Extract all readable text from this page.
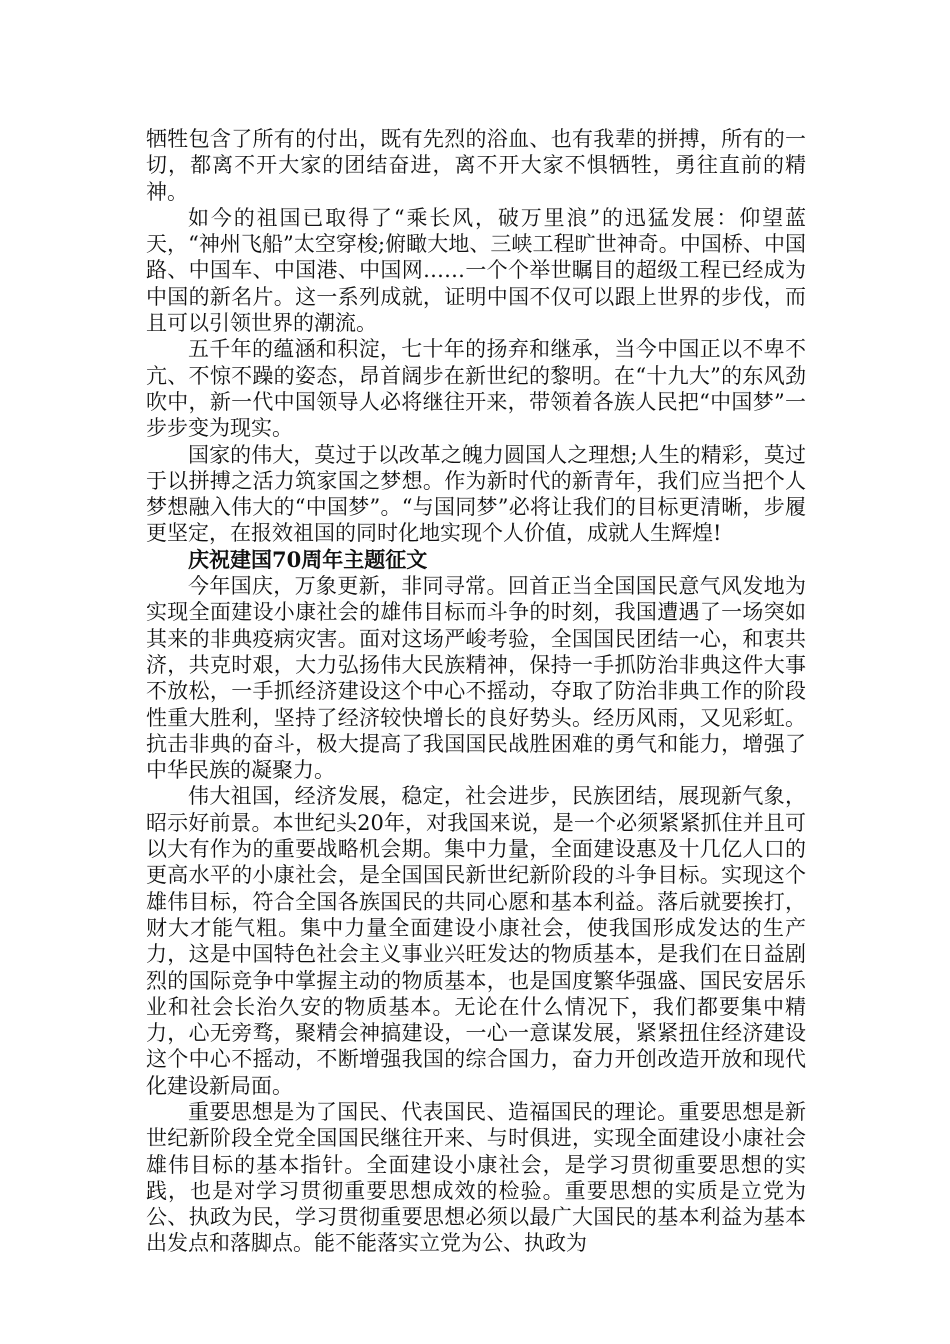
牺牲包含了所有的付出，既有先烈的浴血、也有我辈的拼搏，所有的一切，都离不开大家的团结奋进，离不开大家不惧牺牲，勇往直前的精神。

如今的祖国已取得了“乘长风，破万里浪”的迅猛发展：仰望蓝天，“神州飞船”太空穿梭;俯瞰大地、三峡工程旷世神奇。中国桥、中国路、中国车、中国港、中国网……一个个举世瞩目的超级工程已经成为中国的新名片。这一系列成就，证明中国不仅可以跟上世界的步伐，而且可以引领世界的潮流。

五千年的蕴涵和积淀，七十年的扬弃和继承，当今中国正以不卑不亢、不惊不躁的姿态，昂首阔步在新世纪的黎明。在“十九大”的东风劲吹中，新一代中国领导人必将继往开来，带领着各族人民把“中国梦”一步步变为现实。

国家的伟大，莫过于以改革之魄力圆国人之理想;人生的精彩，莫过于以拼搏之活力筑家国之梦想。作为新时代的新青年，我们应当把个人梦想融入伟大的“中国梦”。“与国同梦”必将让我们的目标更清晰，步履更坚定，在报效祖国的同时化地实现个人价值，成就人生辉煌!

庆祝建国70周年主题征文

今年国庆，万象更新，非同寻常。回首正当全国国民意气风发地为实现全面建设小康社会的雄伟目标而斗争的时刻，我国遭遇了一场突如其来的非典疫病灾害。面对这场严峻考验，全国国民团结一心，和衷共济，共克时艰，大力弘扬伟大民族精神，保持一手抓防治非典这件大事不放松，一手抓经济建设这个中心不摇动，夺取了防治非典工作的阶段性重大胜利，坚持了经济较快增长的良好势头。经历风雨，又见彩虹。抗击非典的奋斗，极大提高了我国国民战胜困难的勇气和能力，增强了中华民族的凝聚力。

伟大祖国，经济发展，稳定，社会进步，民族团结，展现新气象，昭示好前景。本世纪头20年，对我国来说，是一个必须紧紧抓住并且可以大有作为的重要战略机会期。集中力量，全面建设惠及十几亿人口的更高水平的小康社会，是全国国民新世纪新阶段的斗争目标。实现这个雄伟目标，符合全国各族国民的共同心愿和基本利益。落后就要挨打，财大才能气粗。集中力量全面建设小康社会，使我国形成发达的生产力，这是中国特色社会主义事业兴旺发达的物质基本，是我们在日益剧烈的国际竞争中掌握主动的物质基本，也是国度繁华强盛、国民安居乐业和社会长治久安的物质基本。无论在什么情况下，我们都要集中精力，心无旁骛，聚精会神搞建设，一心一意谋发展，紧紧扭住经济建设这个中心不摇动，不断增强我国的综合国力，奋力开创改造开放和现代化建设新局面。

重要思想是为了国民、代表国民、造福国民的理论。重要思想是新世纪新阶段全党全国国民继往开来、与时俱进，实现全面建设小康社会雄伟目标的基本指针。全面建设小康社会，是学习贯彻重要思想的实践，也是对学习贯彻重要思想成效的检验。重要思想的实质是立党为公、执政为民，学习贯彻重要思想必须以最广大国民的基本利益为基本出发点和落脚点。能不能落实立党为公、执政为
